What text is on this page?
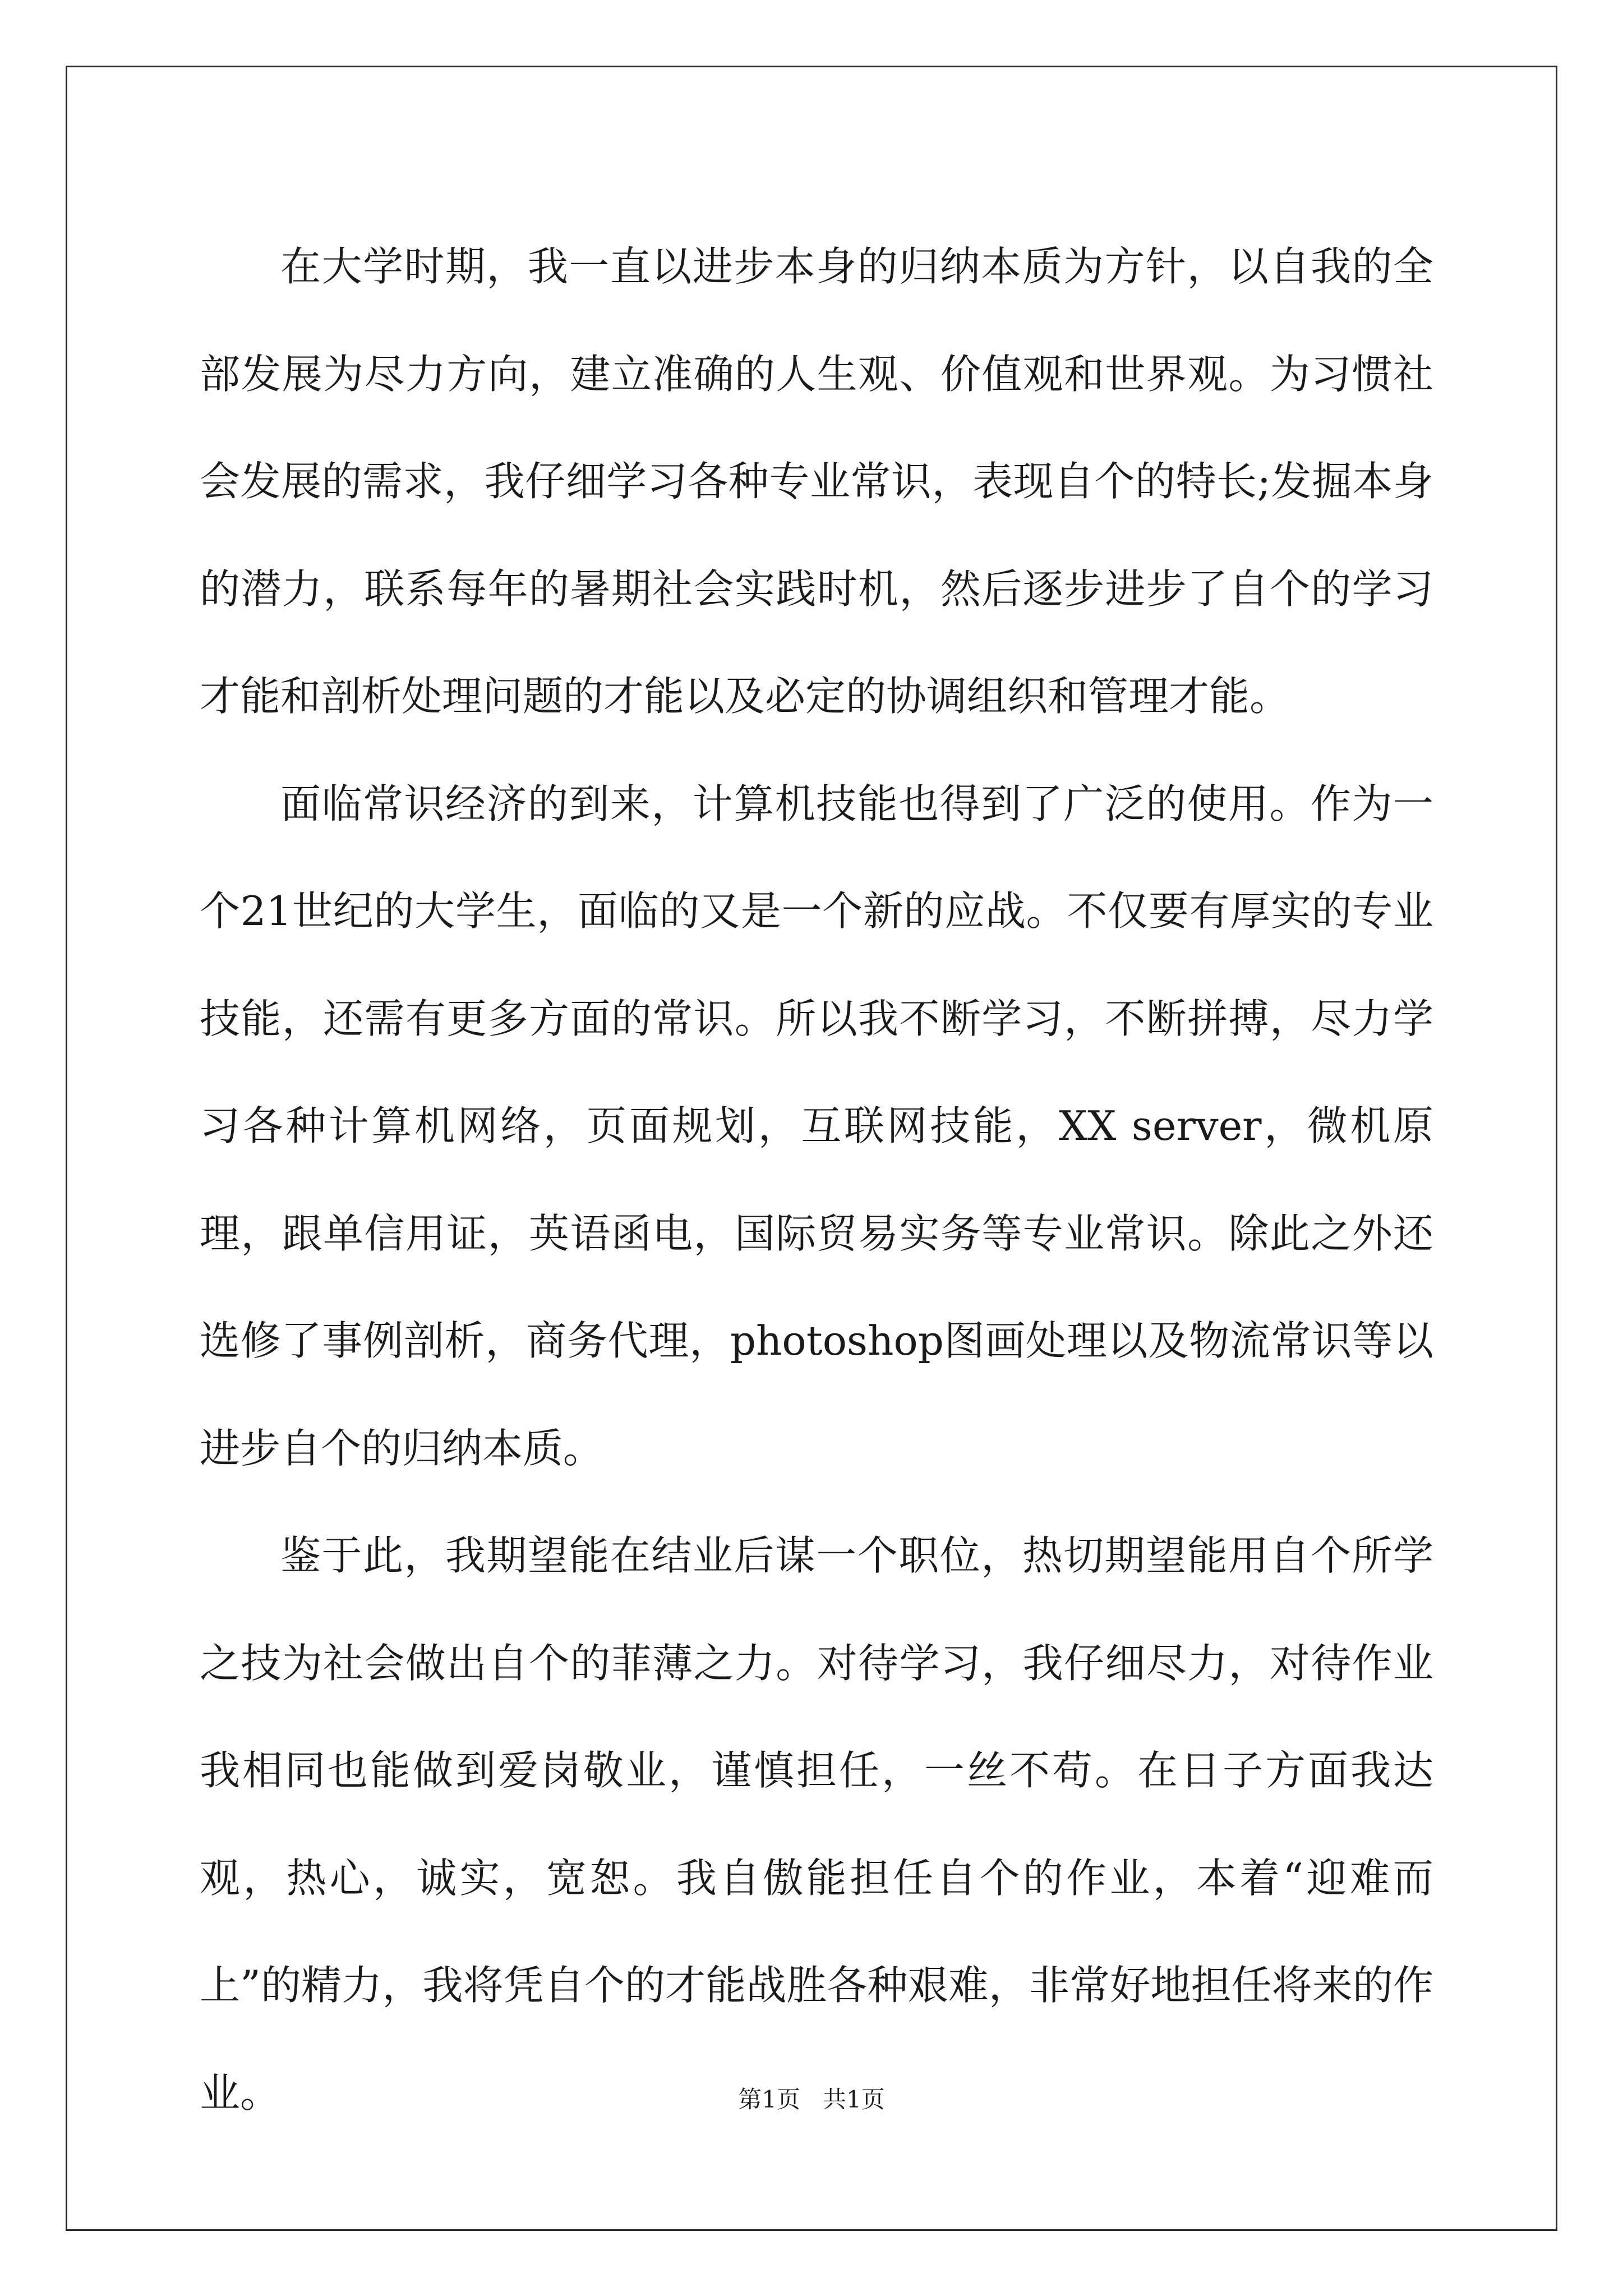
在大学时期，我一直以进步本身的归纳本质为方针，以自我的全部发展为尽力方向，建立准确的人生观、价值观和世界观。为习惯社会发展的需求，我仔细学习各种专业常识，表现自个的特长;发掘本身的潜力，联系每年的暑期社会实践时机，然后逐步进步了自个的学习才能和剖析处理问题的才能以及必定的协调组织和管理才能。

面临常识经济的到来，计算机技能也得到了广泛的使用。作为一个21世纪的大学生，面临的又是一个新的应战。不仅要有厚实的专业技能，还需有更多方面的常识。所以我不断学习，不断拼搏，尽力学习各种计算机网络，页面规划，互联网技能，XX server，微机原理，跟单信用证，英语函电，国际贸易实务等专业常识。除此之外还选修了事例剖析，商务代理，photoshop图画处理以及物流常识等以进步自个的归纳本质。

鉴于此，我期望能在结业后谋一个职位，热切期望能用自个所学之技为社会做出自个的菲薄之力。对待学习，我仔细尽力，对待作业我相同也能做到爱岗敬业，谨慎担任，一丝不苟。在日子方面我达观，热心，诚实，宽恕。我自傲能担任自个的作业，本着“迎难而上”的精力，我将凭自个的才能战胜各种艰难，非常好地担任将来的作业。	第1页 共1页
